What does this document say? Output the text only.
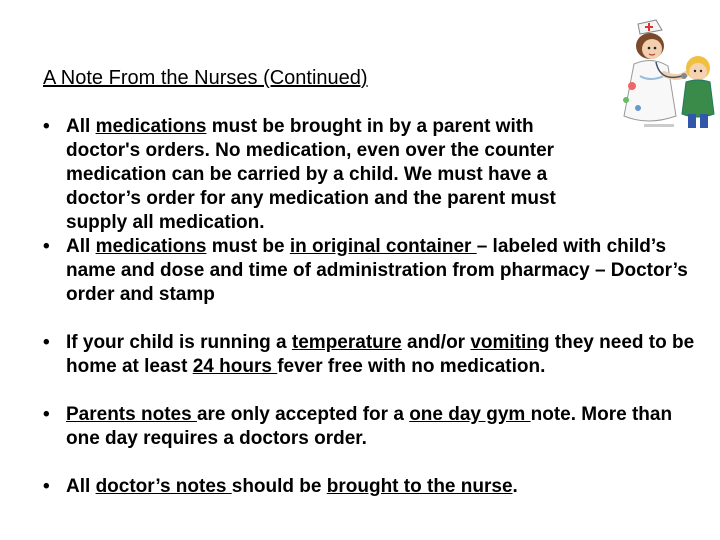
A Note From the Nurses (Continued)
• All medications must be brought in by a parent with doctor's orders. No medication, even over the counter medication can be carried by a child. We must have a doctor’s order for any medication and the parent must supply all medication.
• All medications must be in original container – labeled with child’s name and dose and time of administration from pharmacy – Doctor’s order and stamp
• If your child is running a temperature and/or vomiting they need to be home at least 24 hours fever free with no medication.
• Parents notes are only accepted for a one day gym note. More than one day requires a doctors order.
• All doctor’s notes should be brought to the nurse.
